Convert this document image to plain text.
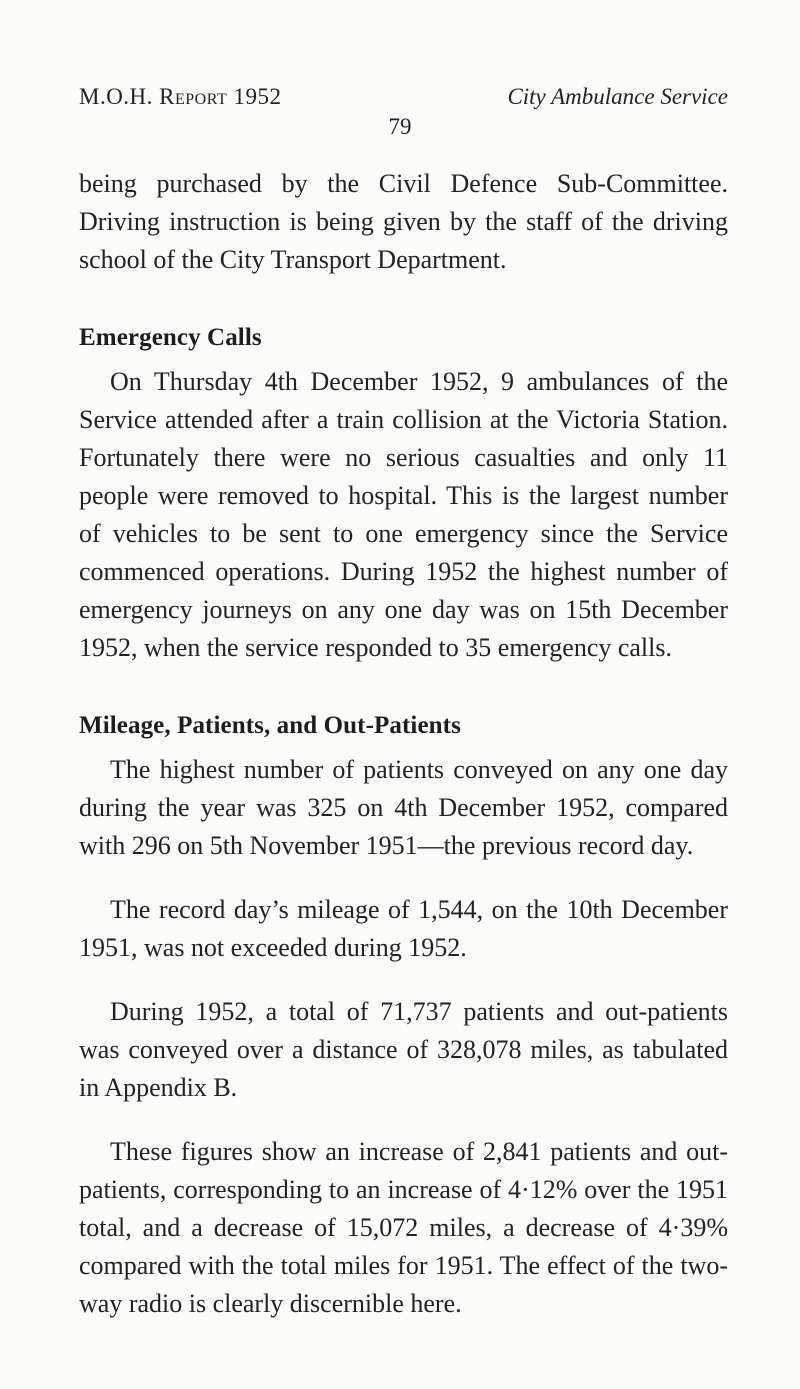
M.O.H. Report 1952	City Ambulance Service
79

being purchased by the Civil Defence Sub-Committee. Driving instruction is being given by the staff of the driving school of the City Transport Department.

Emergency Calls

On Thursday 4th December 1952, 9 ambulances of the Service attended after a train collision at the Victoria Station. Fortunately there were no serious casualties and only 11 people were removed to hospital. This is the largest number of vehicles to be sent to one emergency since the Service commenced operations. During 1952 the highest number of emergency journeys on any one day was on 15th December 1952, when the service responded to 35 emergency calls.

Mileage, Patients, and Out-Patients

The highest number of patients conveyed on any one day during the year was 325 on 4th December 1952, compared with 296 on 5th November 1951—the previous record day.

The record day’s mileage of 1,544, on the 10th December 1951, was not exceeded during 1952.

During 1952, a total of 71,737 patients and out-patients was conveyed over a distance of 328,078 miles, as tabulated in Appendix B.

These figures show an increase of 2,841 patients and out-patients, corresponding to an increase of 4·12% over the 1951 total, and a decrease of 15,072 miles, a decrease of 4·39% compared with the total miles for 1951. The effect of the two-way radio is clearly discernible here.
